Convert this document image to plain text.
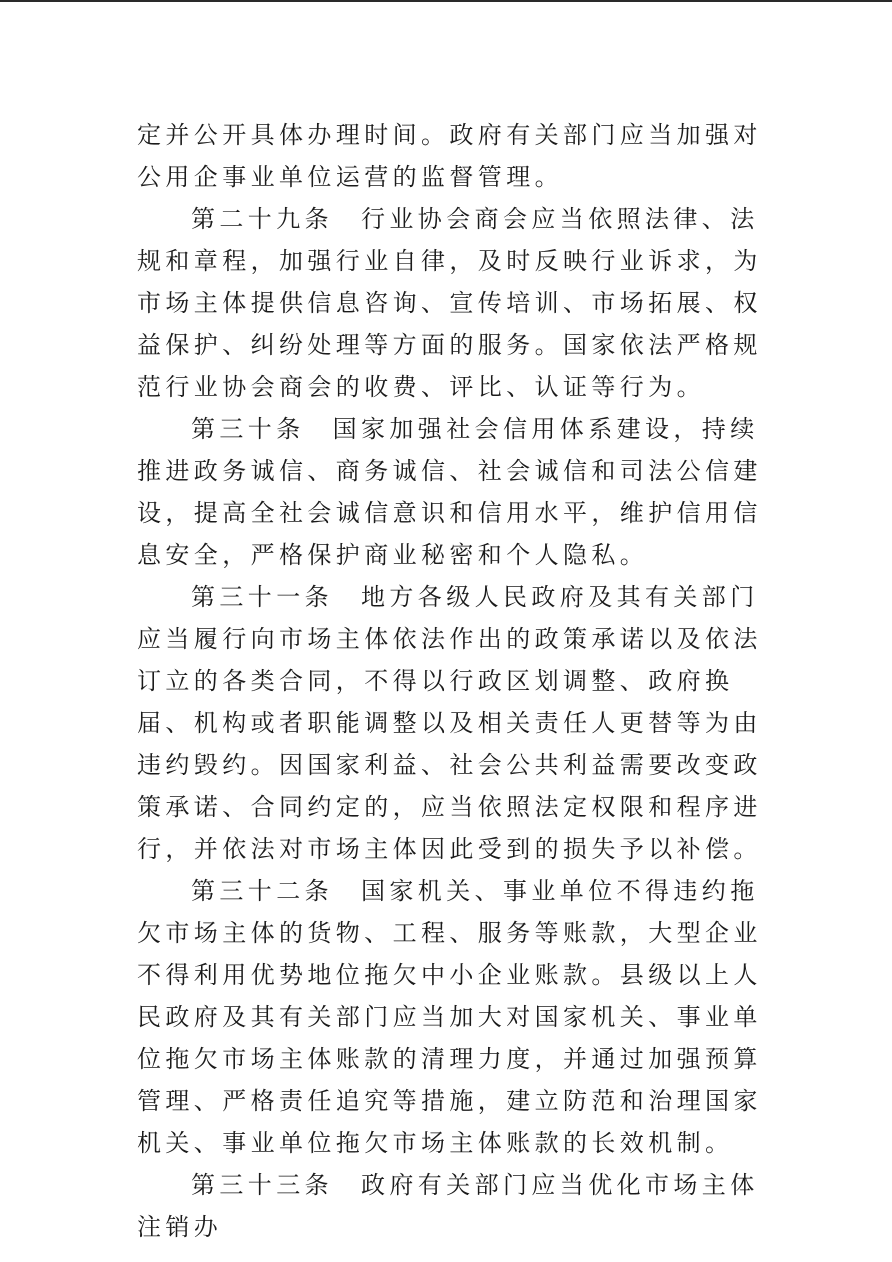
定并公开具体办理时间。政府有关部门应当加强对公用企事业单位运营的监督管理。

第二十九条 行业协会商会应当依照法律、法规和章程，加强行业自律，及时反映行业诉求，为市场主体提供信息咨询、宣传培训、市场拓展、权益保护、纠纷处理等方面的服务。国家依法严格规范行业协会商会的收费、评比、认证等行为。

第三十条 国家加强社会信用体系建设，持续推进政务诚信、商务诚信、社会诚信和司法公信建设，提高全社会诚信意识和信用水平，维护信用信息安全，严格保护商业秘密和个人隐私。

第三十一条 地方各级人民政府及其有关部门应当履行向市场主体依法作出的政策承诺以及依法订立的各类合同，不得以行政区划调整、政府换届、机构或者职能调整以及相关责任人更替等为由违约毁约。因国家利益、社会公共利益需要改变政策承诺、合同约定的，应当依照法定权限和程序进行，并依法对市场主体因此受到的损失予以补偿。

第三十二条 国家机关、事业单位不得违约拖欠市场主体的货物、工程、服务等账款，大型企业不得利用优势地位拖欠中小企业账款。县级以上人民政府及其有关部门应当加大对国家机关、事业单位拖欠市场主体账款的清理力度，并通过加强预算管理、严格责任追究等措施，建立防范和治理国家机关、事业单位拖欠市场主体账款的长效机制。

第三十三条 政府有关部门应当优化市场主体注销办
